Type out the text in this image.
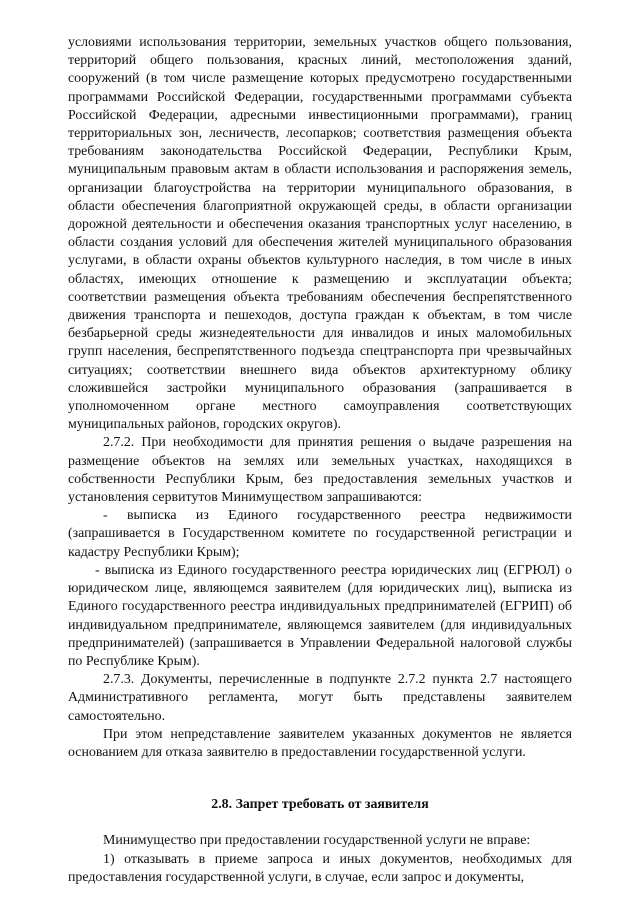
условиями использования территории, земельных участков общего пользования, территорий общего пользования, красных линий, местоположения зданий, сооружений (в том числе размещение которых предусмотрено государственными программами Российской Федерации, государственными программами субъекта Российской Федерации, адресными инвестиционными программами), границ территориальных зон, лесничеств, лесопарков; соответствия размещения объекта требованиям законодательства Российской Федерации, Республики Крым, муниципальным правовым актам в области использования и распоряжения земель, организации благоустройства на территории муниципального образования, в области обеспечения благоприятной окружающей среды, в области организации дорожной деятельности и обеспечения оказания транспортных услуг населению, в области создания условий для обеспечения жителей муниципального образования услугами, в области охраны объектов культурного наследия, в том числе в иных областях, имеющих отношение к размещению и эксплуатации объекта; соответствии размещения объекта требованиям обеспечения беспрепятственного движения транспорта и пешеходов, доступа граждан к объектам, в том числе безбарьерной среды жизнедеятельности для инвалидов и иных маломобильных групп населения, беспрепятственного подъезда спецтранспорта при чрезвычайных ситуациях; соответствии внешнего вида объектов архитектурному облику сложившейся застройки муниципального образования (запрашивается в уполномоченном органе местного самоуправления соответствующих муниципальных районов, городских округов).

2.7.2. При необходимости для принятия решения о выдаче разрешения на размещение объектов на землях или земельных участках, находящихся в собственности Республики Крым, без предоставления земельных участков и установления сервитутов Минимуществом запрашиваются:

- выписка из Единого государственного реестра недвижимости (запрашивается в Государственном комитете по государственной регистрации и кадастру Республики Крым);

- выписка из Единого государственного реестра юридических лиц (ЕГРЮЛ) о юридическом лице, являющемся заявителем (для юридических лиц), выписка из Единого государственного реестра индивидуальных предпринимателей (ЕГРИП) об индивидуальном предпринимателе, являющемся заявителем (для индивидуальных предпринимателей) (запрашивается в Управлении Федеральной налоговой службы по Республике Крым).

2.7.3. Документы, перечисленные в подпункте 2.7.2 пункта 2.7 настоящего Административного регламента, могут быть представлены заявителем самостоятельно.

При этом непредставление заявителем указанных документов не является основанием для отказа заявителю в предоставлении государственной услуги.

2.8. Запрет требовать от заявителя

Минимущество при предоставлении государственной услуги не вправе:

1) отказывать в приеме запроса и иных документов, необходимых для предоставления государственной услуги, в случае, если запрос и документы,
